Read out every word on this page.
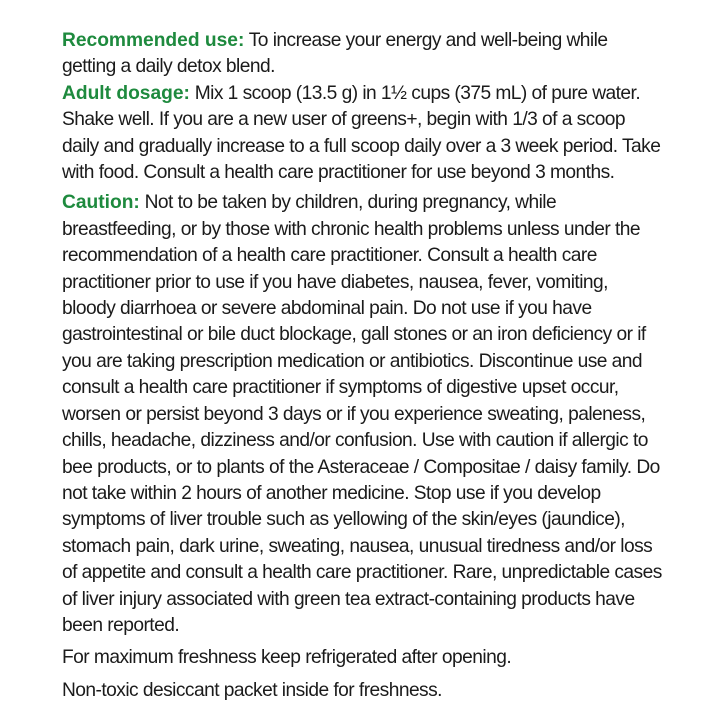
Recommended use: To increase your energy and well-being while getting a daily detox blend.

Adult dosage: Mix 1 scoop (13.5 g) in 1½ cups (375 mL) of pure water. Shake well. If you are a new user of greens+, begin with 1/3 of a scoop daily and gradually increase to a full scoop daily over a 3 week period. Take with food. Consult a health care practitioner for use beyond 3 months.

Caution: Not to be taken by children, during pregnancy, while breastfeeding, or by those with chronic health problems unless under the recommendation of a health care practitioner. Consult a health care practitioner prior to use if you have diabetes, nausea, fever, vomiting, bloody diarrhoea or severe abdominal pain. Do not use if you have gastrointestinal or bile duct blockage, gall stones or an iron deficiency or if you are taking prescription medication or antibiotics. Discontinue use and consult a health care practitioner if symptoms of digestive upset occur, worsen or persist beyond 3 days or if you experience sweating, paleness, chills, headache, dizziness and/or confusion. Use with caution if allergic to bee products, or to plants of the Asteraceae / Compositae / daisy family. Do not take within 2 hours of another medicine. Stop use if you develop symptoms of liver trouble such as yellowing of the skin/eyes (jaundice), stomach pain, dark urine, sweating, nausea, unusual tiredness and/or loss of appetite and consult a health care practitioner. Rare, unpredictable cases of liver injury associated with green tea extract-containing products have been reported.

For maximum freshness keep refrigerated after opening.

Non-toxic desiccant packet inside for freshness.
